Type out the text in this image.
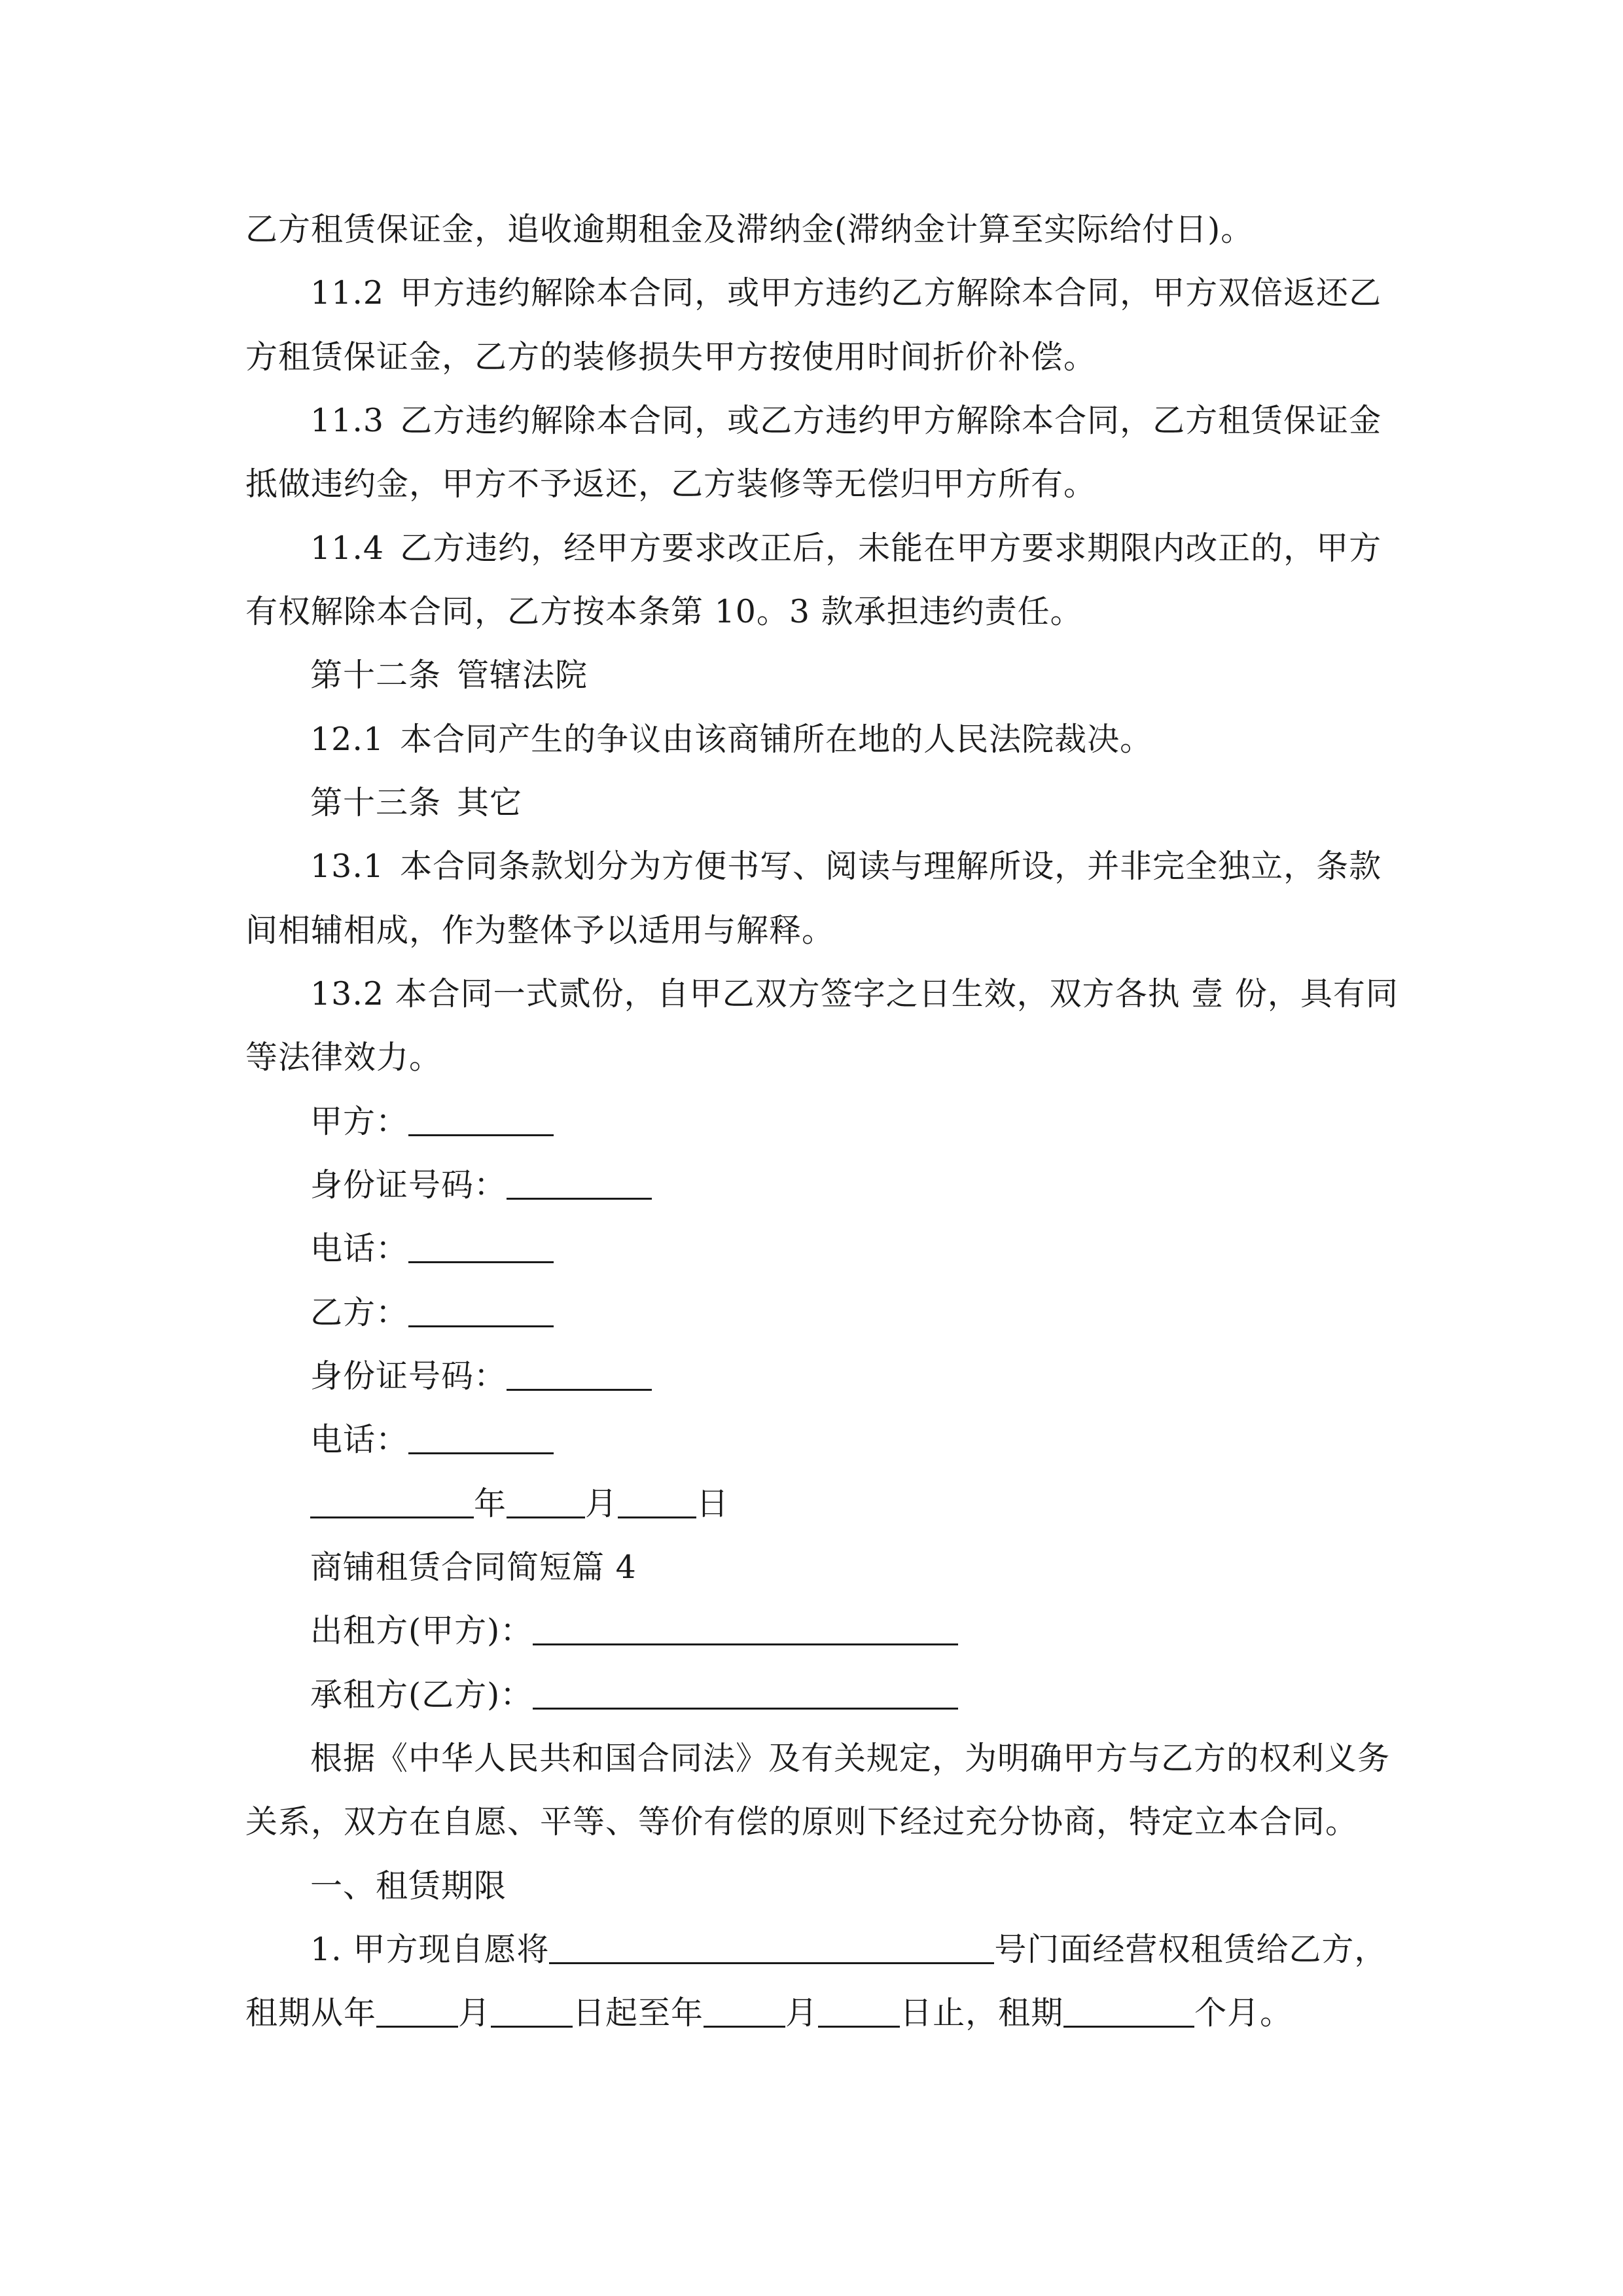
乙方租赁保证金，追收逾期租金及滞纳金(滞纳金计算至实际给付日)。
11.2 甲方违约解除本合同，或甲方违约乙方解除本合同，甲方双倍返还乙
方租赁保证金，乙方的装修损失甲方按使用时间折价补偿。
11.3 乙方违约解除本合同，或乙方违约甲方解除本合同，乙方租赁保证金
抵做违约金，甲方不予返还，乙方装修等无偿归甲方所有。
11.4 乙方违约，经甲方要求改正后，未能在甲方要求期限内改正的，甲方
有权解除本合同，乙方按本条第 10。3 款承担违约责任。
第十二条 管辖法院
12.1 本合同产生的争议由该商铺所在地的人民法院裁决。
第十三条 其它
13.1 本合同条款划分为方便书写、阅读与理解所设，并非完全独立，条款
间相辅相成，作为整体予以适用与解释。
13.2 本合同一式贰份，自甲乙双方签字之日生效，双方各执 壹 份，具有同
等法律效力。
甲方：
身份证号码：
电话：
乙方：
身份证号码：
电话：
年 月 日
商铺租赁合同简短篇 4
出租方(甲方)：
承租方(乙方)：
根据《中华人民共和国合同法》及有关规定，为明确甲方与乙方的权利义务
关系，双方在自愿、平等、等价有偿的原则下经过充分协商，特定立本合同。
一、租赁期限
1. 甲方现自愿将	号门面经营权租赁给乙方，
租期从年	月	日起至年	月	日止，租期	个月。
